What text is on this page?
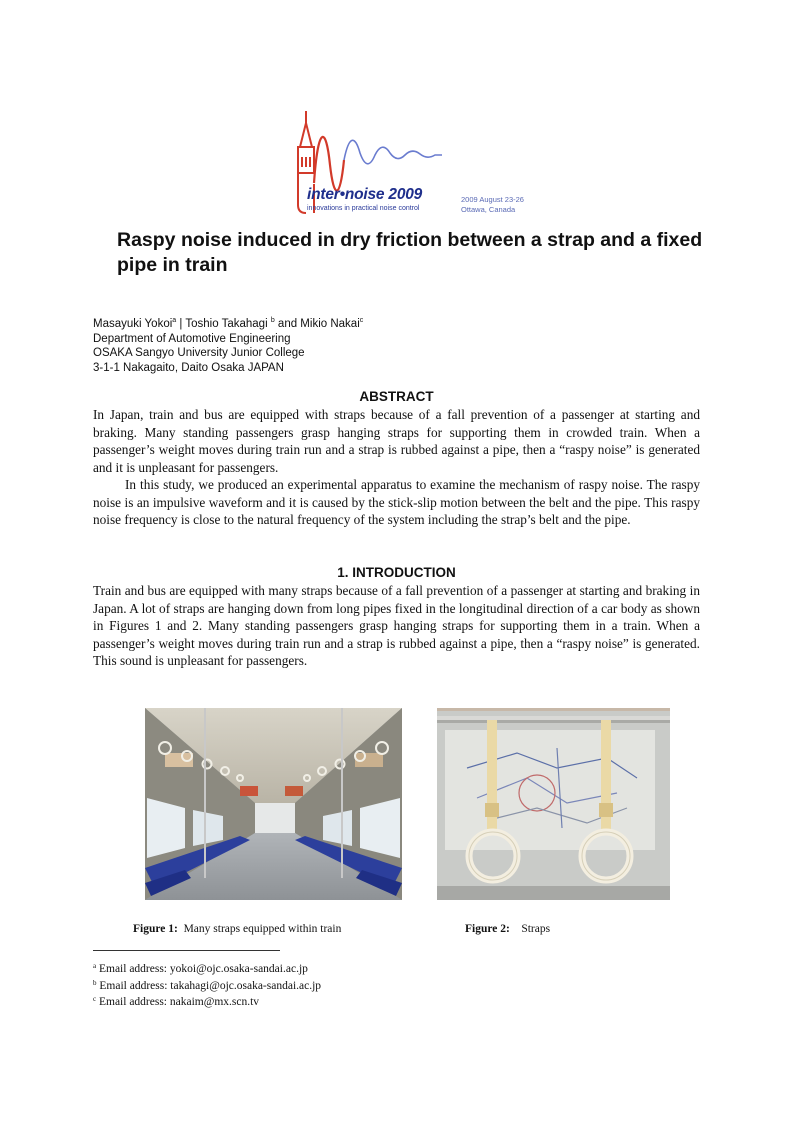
inter•noise 2009
innovations in practical noise control
2009 August 23-26
Ottawa, Canada
Raspy noise induced in dry friction between a strap and a fixed pipe in train
Masayuki Yokoi$^a$ | Toshio Takahagi $^b$ and Mikio Nakai$^c$
Department of Automotive Engineering
OSAKA Sangyo University Junior College
3-1-1 Nakagaito, Daito Osaka JAPAN
ABSTRACT

In Japan, train and bus are equipped with straps because of a fall prevention of a passenger at starting and braking. Many standing passengers grasp hanging straps for supporting them in crowded train. When a passenger’s weight moves during train run and a strap is rubbed against a pipe, then a “raspy noise” is generated and it is unpleasant for passengers.

In this study, we produced an experimental apparatus to examine the mechanism of raspy noise. The raspy noise is an impulsive waveform and it is caused by the stick-slip motion between the belt and the pipe. This raspy noise frequency is close to the natural frequency of the system including the strap’s belt and the pipe.

1. INTRODUCTION

Train and bus are equipped with many straps because of a fall prevention of a passenger at starting and braking in Japan. A lot of straps are hanging down from long pipes fixed in the longitudinal direction of a car body as shown in Figures 1 and 2. Many standing passengers grasp hanging straps for supporting them in a train. When a passenger’s weight moves during train run and a strap is rubbed against a pipe, then a “raspy noise” is generated. This sound is unpleasant for passengers.

Figure 1: Many straps equipped within train	Figure 2: Straps
$^a$ Email address: yokoi@ojc.osaka-sandai.ac.jp
$^b$ Email address: takahagi@ojc.osaka-sandai.ac.jp
$^c$ Email address: nakaim@mx.scn.tv
